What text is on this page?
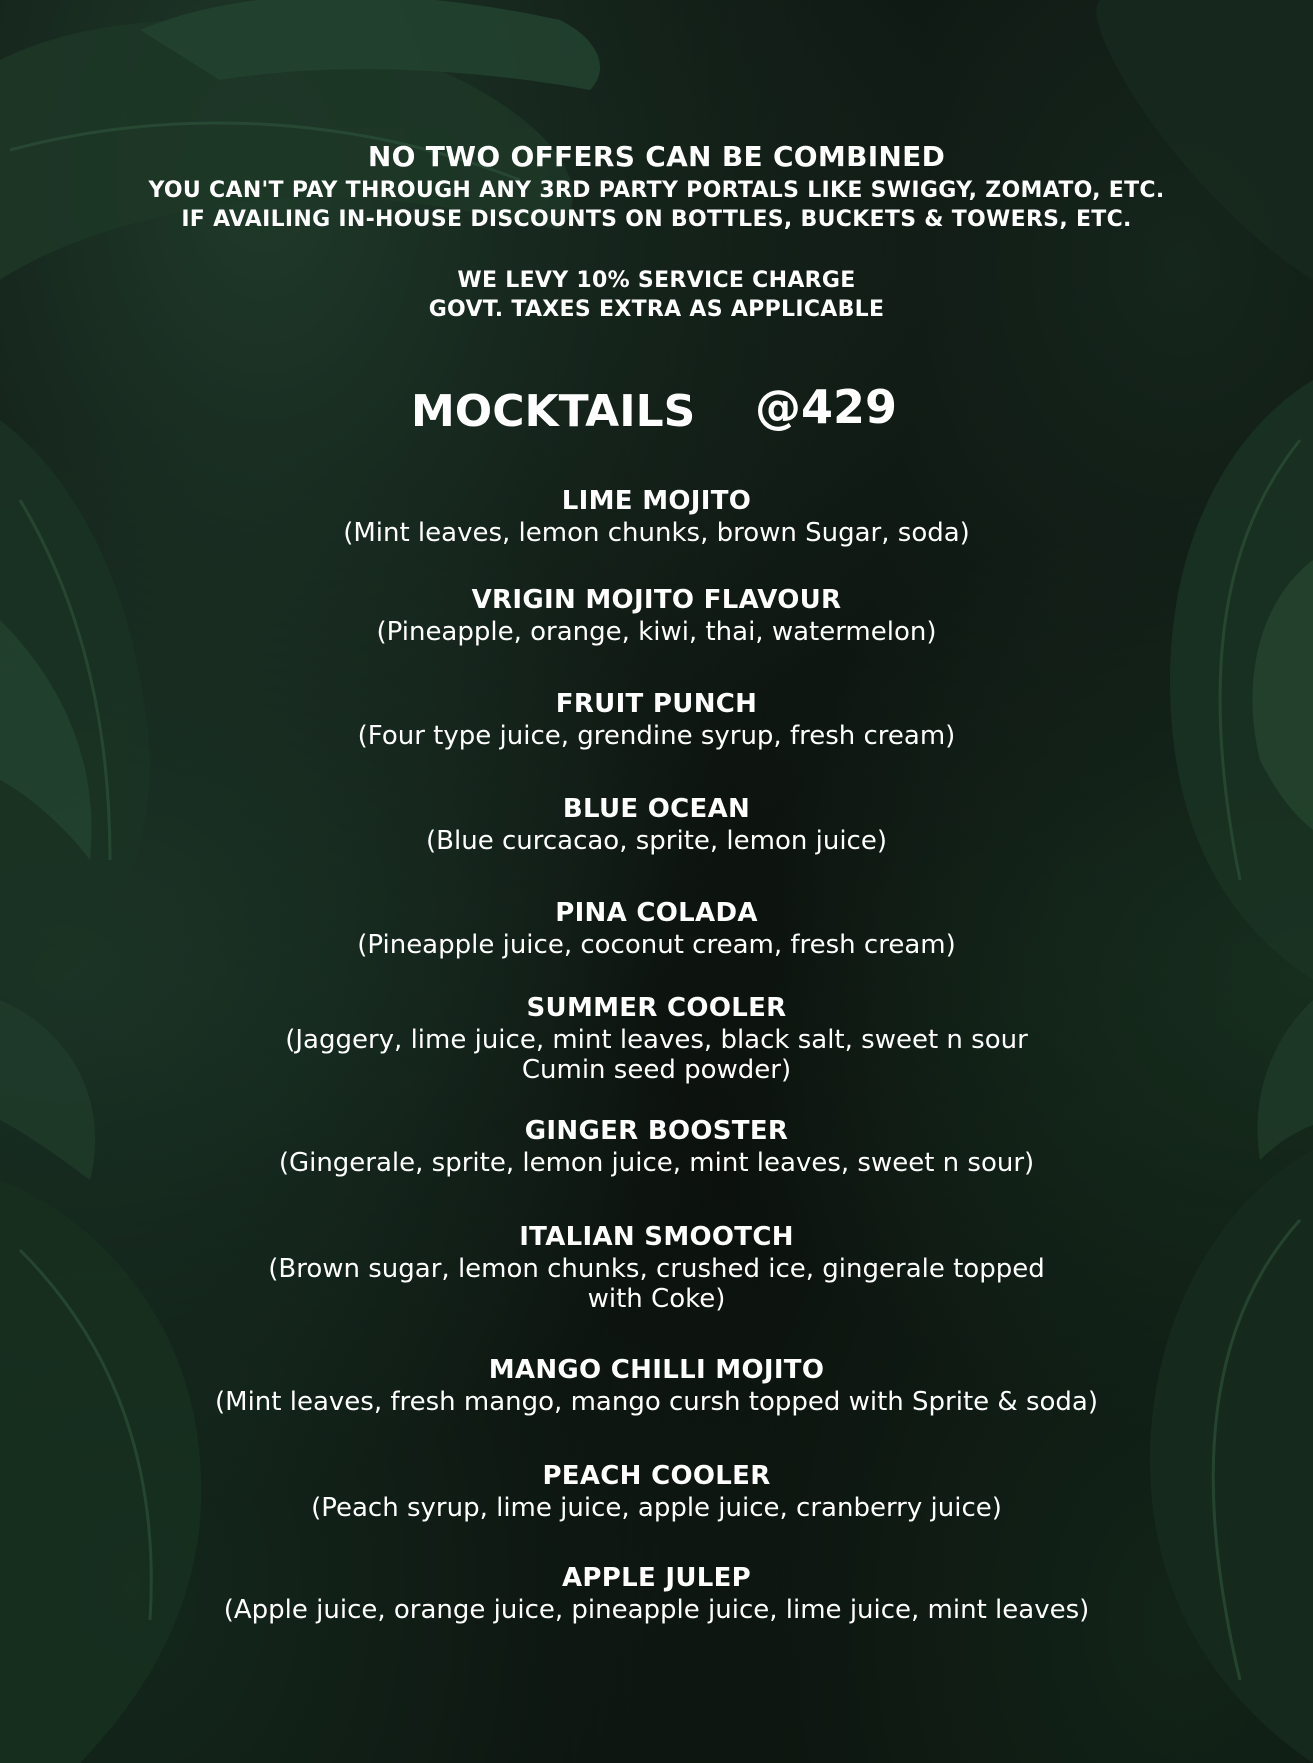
NO TWO OFFERS CAN BE COMBINED
YOU CAN'T PAY THROUGH ANY 3RD PARTY PORTALS LIKE SWIGGY, ZOMATO, ETC.
IF AVAILING IN-HOUSE DISCOUNTS ON BOTTLES, BUCKETS & TOWERS, ETC.
WE LEVY 10% SERVICE CHARGE
GOVT. TAXES EXTRA AS APPLICABLE
MOCKTAILS @429
LIME MOJITO
(Mint leaves, lemon chunks, brown Sugar, soda)
VRIGIN MOJITO FLAVOUR
(Pineapple, orange, kiwi, thai, watermelon)
FRUIT PUNCH
(Four type juice, grendine syrup, fresh cream)
BLUE OCEAN
(Blue curcacao, sprite, lemon juice)
PINA COLADA
(Pineapple juice, coconut cream, fresh cream)
SUMMER COOLER
(Jaggery, lime juice, mint leaves, black salt, sweet n sour
Cumin seed powder)
GINGER BOOSTER
(Gingerale, sprite, lemon juice, mint leaves, sweet n sour)
ITALIAN SMOOTCH
(Brown sugar, lemon chunks, crushed ice, gingerale topped
with Coke)
MANGO CHILLI MOJITO
(Mint leaves, fresh mango, mango cursh topped with Sprite & soda)
PEACH COOLER
(Peach syrup, lime juice, apple juice, cranberry juice)
APPLE JULEP
(Apple juice, orange juice, pineapple juice, lime juice, mint leaves)
